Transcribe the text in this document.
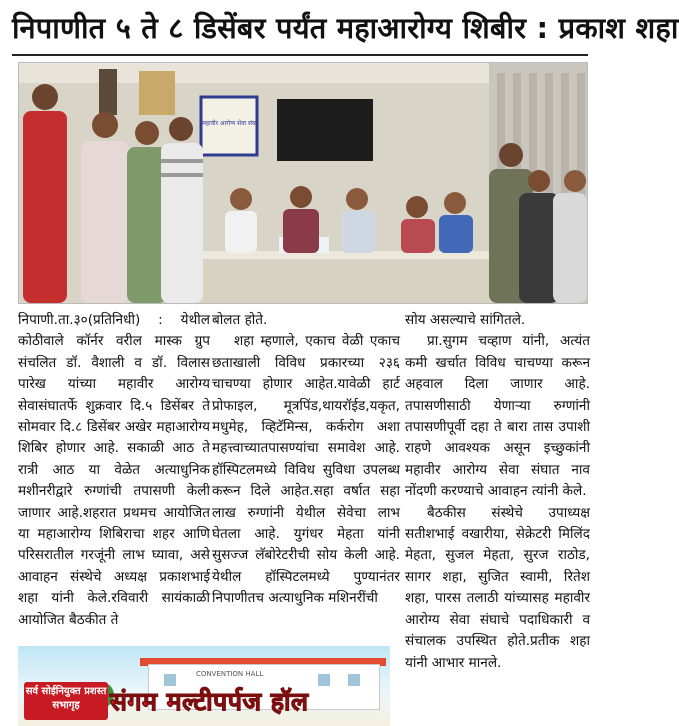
निपाणीत ५ ते ८ डिसेंबर पर्यंत महाआरोग्य शिबीर : प्रकाश शहा
महावीर आरोग्य सेवा संघ

निपाणी.ता.३०(प्रतिनिधी) : येथील कोठीवाले कॉर्नर वरील मास्क ग्रुप संचलित डॉ. वैशाली व डॉ. विलास पारेख यांच्या महावीर आरोग्य सेवासंघातर्फे शुक्रवार दि.५ डिसेंबर ते सोमवार दि.८ डिसेंबर अखेर महाआरोग्य शिबिर होणार आहे. सकाळी आठ ते रात्री आठ या वेळेत अत्याधुनिक मशीनरीद्वारे रुग्णांची तपासणी केली जाणार आहे.शहरात प्रथमच आयोजित या महाआरोग्य शिबिराचा शहर आणि परिसरातील गरजूंनी लाभ घ्यावा, असे आवाहन संस्थेचे अध्यक्ष प्रकाशभाई शहा यांनी केले.रविवारी सायंकाळी आयोजित बैठकीत ते

बोलत होते.

शहा म्हणाले, एकाच वेळी एकाच छताखाली विविध प्रकारच्या २३६ चाचण्या होणार आहेत.यावेळी हार्ट प्रोफाइल, मूत्रपिंड,थायरॉईड,यकृत, मधुमेह, व्हिटॅमिन्स, कर्करोग अशा महत्त्वाच्यातपासण्यांचा समावेश आहे. हॉस्पिटलमध्ये विविध सुविधा उपलब्ध करून दिले आहेत.सहा वर्षात सहा लाख रुग्णांनी येथील सेवेचा लाभ घेतला आहे. युगंधर मेहता यांनी सुसज्ज लॅबोरेटरीची सोय केली आहे. येथील हॉस्पिटलमध्ये पुण्यानंतर निपाणीतच अत्याधुनिक मशिनरींची

सोय असल्याचे सांगितले.

प्रा.सुगम चव्हाण यांनी, अत्यंत कमी खर्चात विविध चाचण्या करून अहवाल दिला जाणार आहे. तपासणीसाठी येणाऱ्या रुग्णांनी तपासणीपूर्वी दहा ते बारा तास उपाशी राहणे आवश्यक असून इच्छुकांनी महावीर आरोग्य सेवा संघात नाव नोंदणी करण्याचे आवाहन त्यांनी केले.

बैठकीस संस्थेचे उपाध्यक्ष सतीशभाई वखारीया, सेक्रेटरी मिलिंद मेहता, सुजल मेहता, सुरज राठोड, सागर शहा, सुजित स्वामी, रितेश शहा, पारस तलाठी यांच्यासह महावीर आरोग्य सेवा संघाचे पदाधिकारी व संचालक उपस्थित होते.प्रतीक शहा यांनी आभार मानले.

CONVENTION HALL
सर्व सोईनियुक्त प्रशस्त सभागृह	संगम मल्टीपर्पज हॉल
